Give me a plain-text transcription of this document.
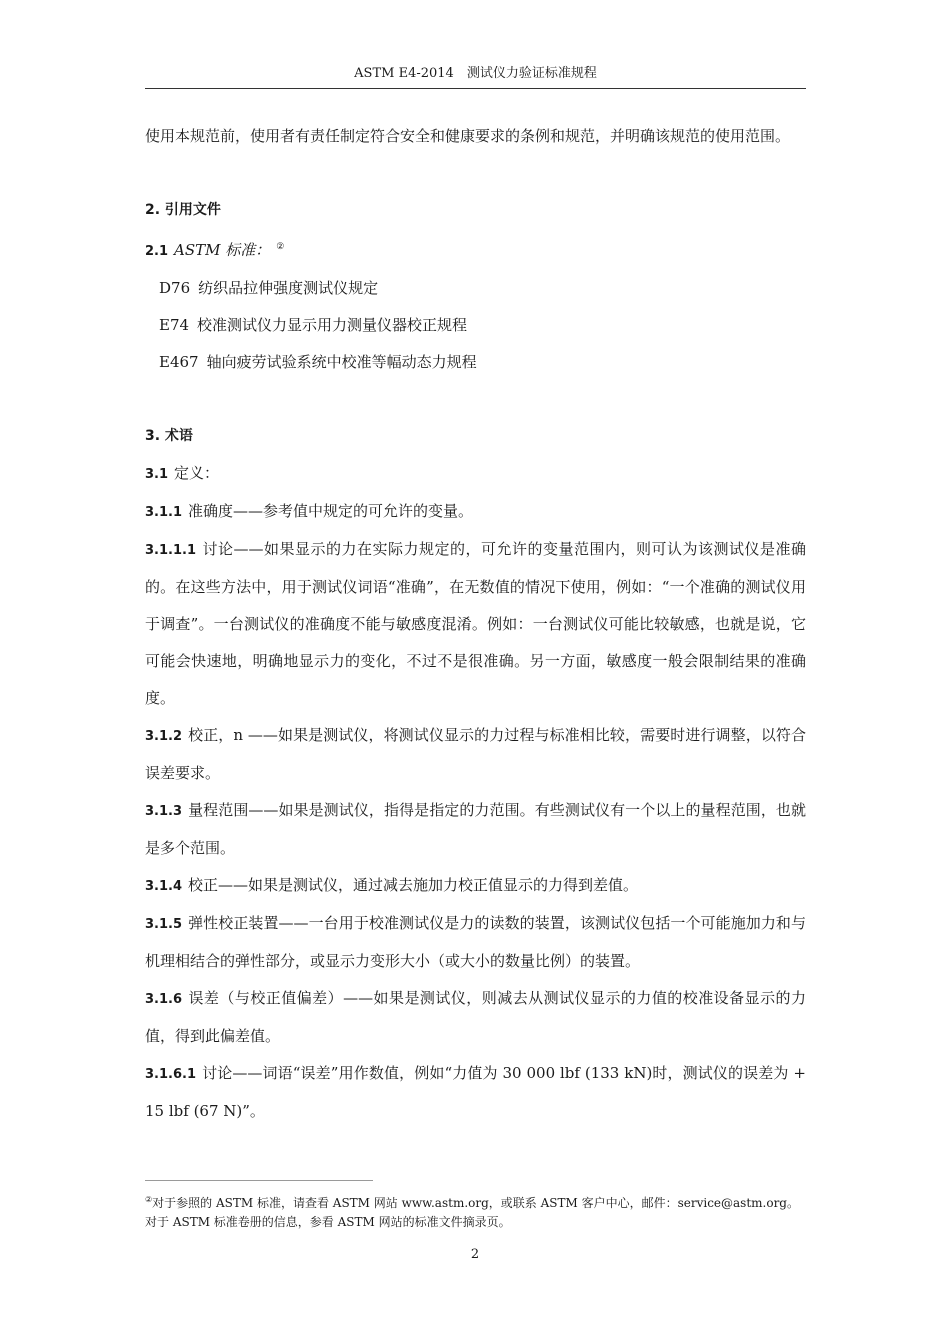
ASTM E4-2014　测试仪力验证标准规程

使用本规范前，使用者有责任制定符合安全和健康要求的条例和规范，并明确该规范的使用范围。

2. 引用文件

2.1 ASTM 标准： ②

D76 纺织品拉伸强度测试仪规定

E74 校准测试仪力显示用力测量仪器校正规程

E467 轴向疲劳试验系统中校准等幅动态力规程

3. 术语

3.1 定义：

3.1.1 准确度——参考值中规定的可允许的变量。

3.1.1.1 讨论——如果显示的力在实际力规定的，可允许的变量范围内，则可认为该测试仪是准确的。在这些方法中，用于测试仪词语“准确”，在无数值的情况下使用，例如：“一个准确的测试仪用于调查”。一台测试仪的准确度不能与敏感度混淆。例如：一台测试仪可能比较敏感，也就是说，它可能会快速地，明确地显示力的变化，不过不是很准确。另一方面，敏感度一般会限制结果的准确度。

3.1.2 校正，n ——如果是测试仪，将测试仪显示的力过程与标准相比较，需要时进行调整，以符合误差要求。

3.1.3 量程范围——如果是测试仪，指得是指定的力范围。有些测试仪有一个以上的量程范围，也就是多个范围。

3.1.4 校正——如果是测试仪，通过减去施加力校正值显示的力得到差值。

3.1.5 弹性校正装置——一台用于校准测试仪是力的读数的装置，该测试仪包括一个可能施加力和与机理相结合的弹性部分，或显示力变形大小（或大小的数量比例）的装置。

3.1.6 误差（与校正值偏差）——如果是测试仪，则减去从测试仪显示的力值的校准设备显示的力值，得到此偏差值。

3.1.6.1 讨论——词语“误差”用作数值，例如“力值为 30 000 lbf (133 kN)时，测试仪的误差为 + 15 lbf (67 N)”。

②对于参照的 ASTM 标准，请查看 ASTM 网站 www.astm.org，或联系 ASTM 客户中心，邮件：service@astm.org。对于 ASTM 标准卷册的信息，参看 ASTM 网站的标准文件摘录页。
2
